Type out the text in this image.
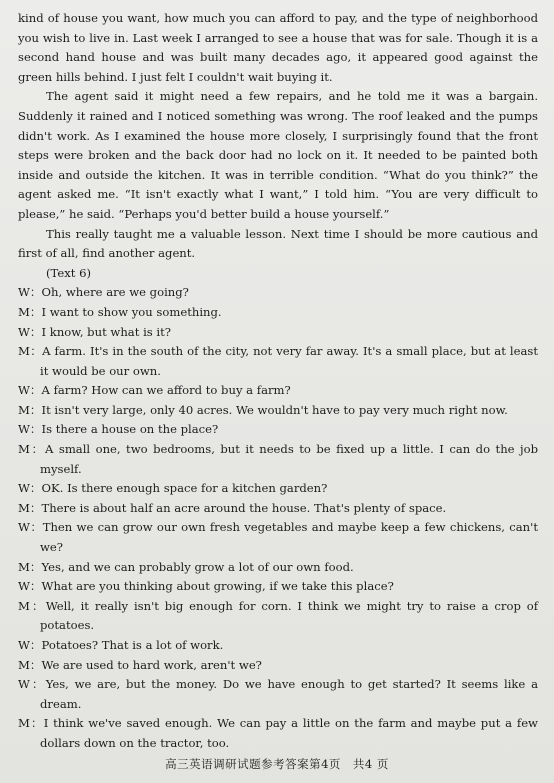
kind of house you want, how much you can afford to pay, and the type of neighborhood you wish to live in. Last week I arranged to see a house that was for sale. Though it is a second hand house and was built many decades ago, it appeared good against the green hills behind. I just felt I couldn't wait buying it.

The agent said it might need a few repairs, and he told me it was a bargain. Suddenly it rained and I noticed something was wrong. The roof leaked and the pumps didn't work. As I examined the house more closely, I surprisingly found that the front steps were broken and the back door had no lock on it. It needed to be painted both inside and outside the kitchen. It was in terrible condition. “What do you think?” the agent asked me. “It isn't exactly what I want,” I told him. “You are very difficult to please,” he said. “Perhaps you'd better build a house yourself.”

This really taught me a valuable lesson. Next time I should be more cautious and first of all, find another agent.

(Text 6)

W：Oh, where are we going?

M：I want to show you something.

W：I know, but what is it?

M：A farm. It's in the south of the city, not very far away. It's a small place, but at least it would be our own.

W：A farm? How can we afford to buy a farm?

M：It isn't very large, only 40 acres. We wouldn't have to pay very much right now.

W：Is there a house on the place?

M：A small one, two bedrooms, but it needs to be fixed up a little. I can do the job myself.

W：OK. Is there enough space for a kitchen garden?

M：There is about half an acre around the house. That's plenty of space.

W：Then we can grow our own fresh vegetables and maybe keep a few chickens, can't we?

M：Yes, and we can probably grow a lot of our own food.

W：What are you thinking about growing, if we take this place?

M：Well, it really isn't big enough for corn. I think we might try to raise a crop of potatoes.

W：Potatoes? That is a lot of work.

M：We are used to hard work, aren't we?

W：Yes, we are, but the money. Do we have enough to get started? It seems like a dream.

M：I think we've saved enough. We can pay a little on the farm and maybe put a few dollars down on the tractor, too.

高三英语调研试题参考答案第4页　共4 页
